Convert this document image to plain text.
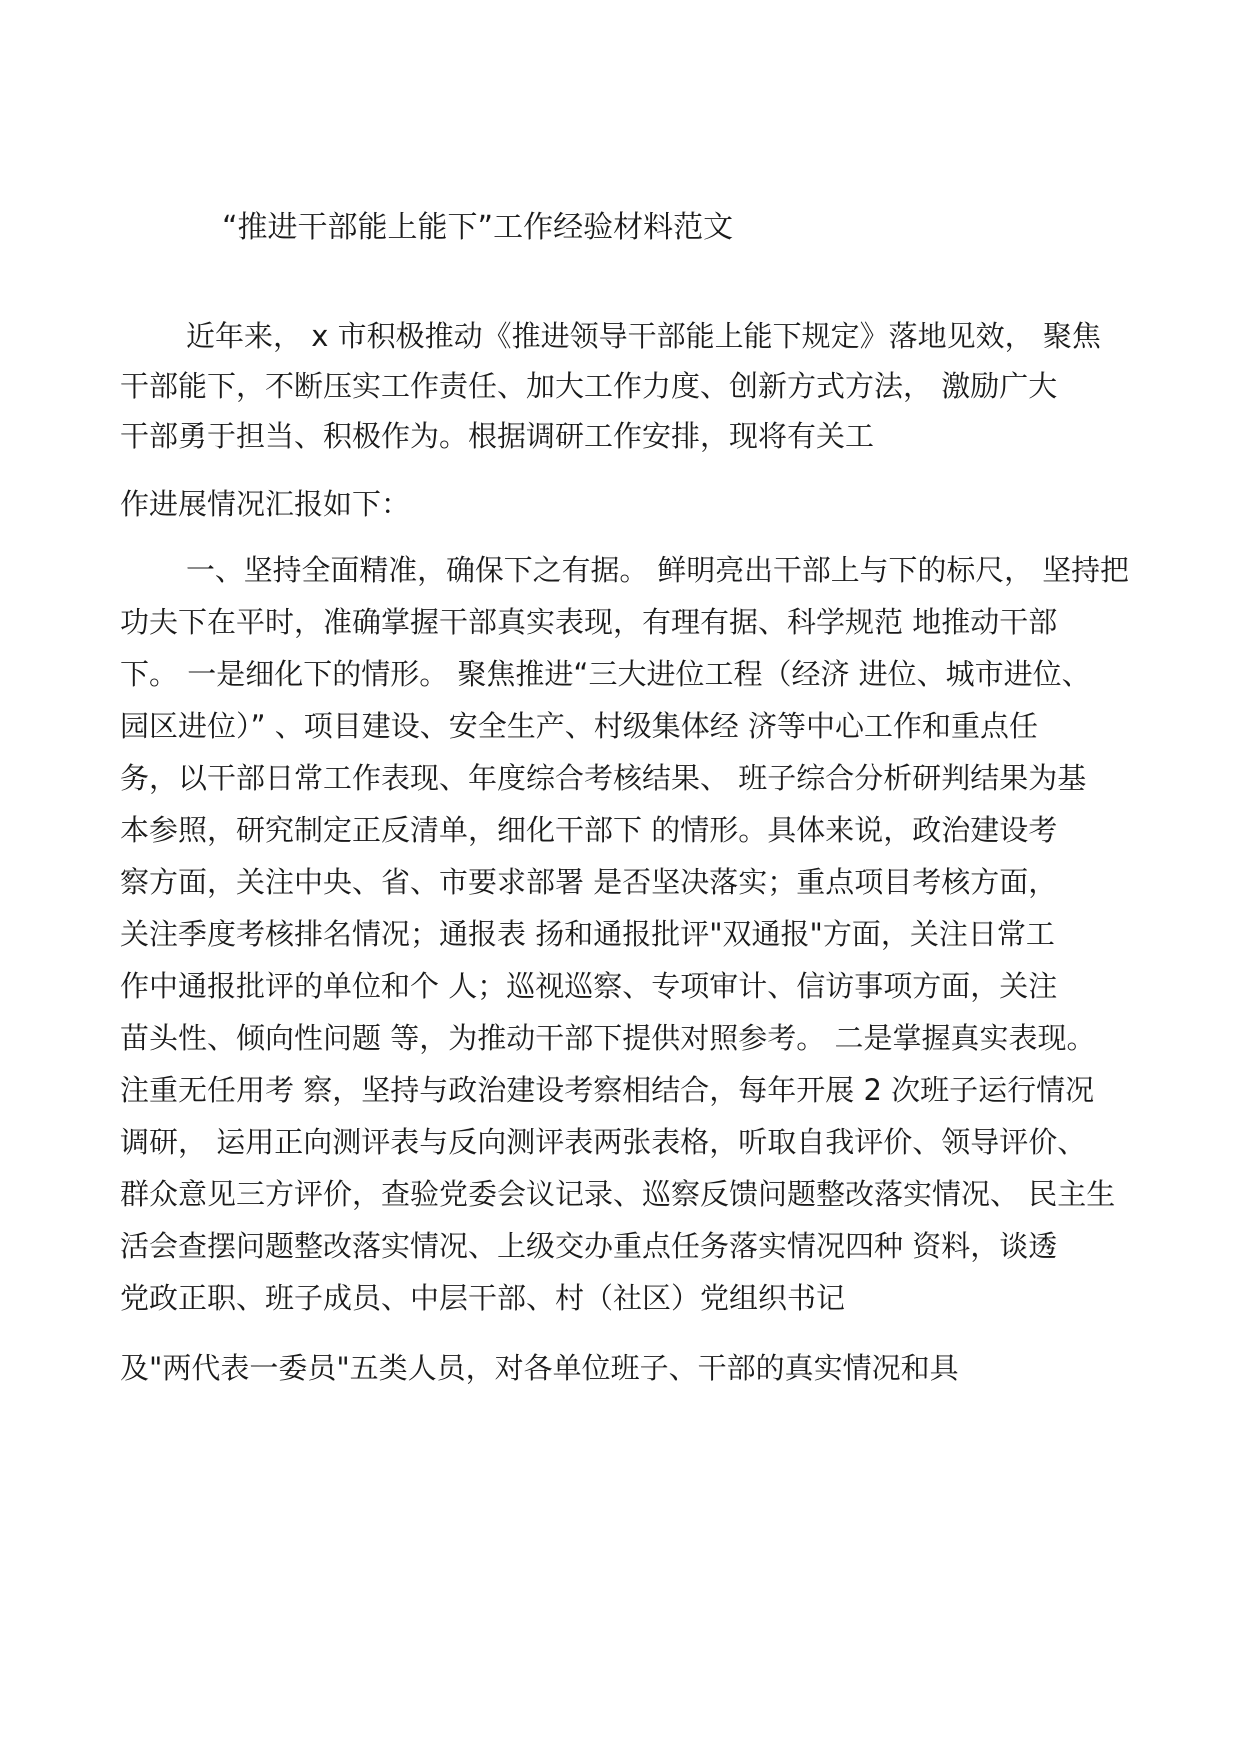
“推进干部能上能下”工作经验材料范文
近年来， x 市积极推动《推进领导干部能上能下规定》落地见效， 聚焦
干部能下，不断压实工作责任、加大工作力度、创新方式方法， 激励广大
干部勇于担当、积极作为。根据调研工作安排，现将有关工
作进展情况汇报如下：
一、坚持全面精准，确保下之有据。 鲜明亮出干部上与下的标尺， 坚持把
功夫下在平时，准确掌握干部真实表现，有理有据、科学规范 地推动干部
下。 一是细化下的情形。 聚焦推进“三大进位工程（经济 进位、城市进位、
园区进位）” 、项目建设、安全生产、村级集体经 济等中心工作和重点任
务，以干部日常工作表现、年度综合考核结果、 班子综合分析研判结果为基
本参照，研究制定正反清单，细化干部下 的情形。具体来说，政治建设考
察方面，关注中央、省、市要求部署 是否坚决落实；重点项目考核方面，
关注季度考核排名情况；通报表 扬和通报批评"双通报"方面，关注日常工
作中通报批评的单位和个 人；巡视巡察、专项审计、信访事项方面，关注
苗头性、倾向性问题 等，为推动干部下提供对照参考。 二是掌握真实表现。
注重无任用考 察，坚持与政治建设考察相结合，每年开展 2 次班子运行情况
调研， 运用正向测评表与反向测评表两张表格，听取自我评价、领导评价、
群众意见三方评价，查验党委会议记录、巡察反馈问题整改落实情况、 民主生
活会查摆问题整改落实情况、上级交办重点任务落实情况四种 资料，谈透
党政正职、班子成员、中层干部、村（社区）党组织书记
及"两代表一委员"五类人员，对各单位班子、干部的真实情况和具
